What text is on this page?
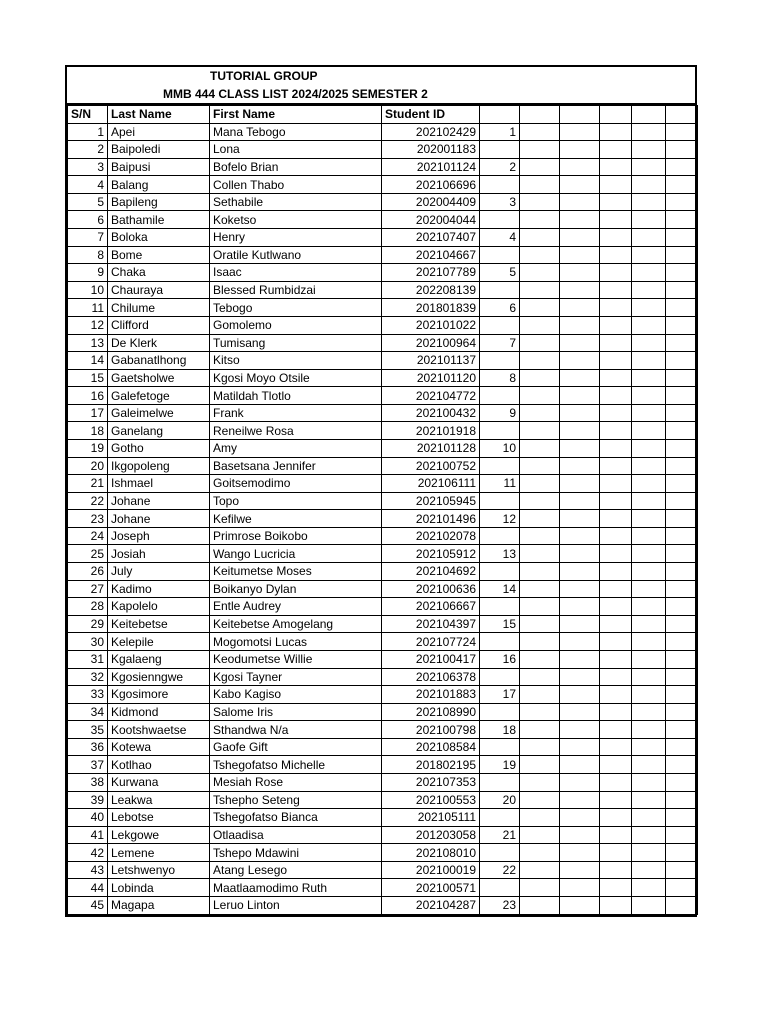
TUTORIAL GROUP
MMB 444 CLASS LIST 2024/2025 SEMESTER 2
S/N	Last Name	First Name	Student ID						
1	Apei	Mana Tebogo	202102429	1					
2	Baipoledi	Lona	202001183						
3	Baipusi	Bofelo Brian	202101124	2					
4	Balang	Collen Thabo	202106696						
5	Bapileng	Sethabile	202004409	3					
6	Bathamile	Koketso	202004044						
7	Boloka	Henry	202107407	4					
8	Bome	Oratile Kutlwano	202104667						
9	Chaka	Isaac	202107789	5					
10	Chauraya	Blessed Rumbidzai	202208139						
11	Chilume	Tebogo	201801839	6					
12	Clifford	Gomolemo	202101022						
13	De Klerk	Tumisang	202100964	7					
14	Gabanatlhong	Kitso	202101137						
15	Gaetsholwe	Kgosi Moyo Otsile	202101120	8					
16	Galefetoge	Matildah Tlotlo	202104772						
17	Galeimelwe	Frank	202100432	9					
18	Ganelang	Reneilwe Rosa	202101918						
19	Gotho	Amy	202101128	10					
20	Ikgopoleng	Basetsana Jennifer	202100752						
21	Ishmael	Goitsemodimo	202106111	11					
22	Johane	Topo	202105945						
23	Johane	Kefilwe	202101496	12					
24	Joseph	Primrose Boikobo	202102078						
25	Josiah	Wango Lucricia	202105912	13					
26	July	Keitumetse Moses	202104692						
27	Kadimo	Boikanyo Dylan	202100636	14					
28	Kapolelo	Entle Audrey	202106667						
29	Keitebetse	Keitebetse Amogelang	202104397	15					
30	Kelepile	Mogomotsi Lucas	202107724						
31	Kgalaeng	Keodumetse Willie	202100417	16					
32	Kgosienngwe	Kgosi Tayner	202106378						
33	Kgosimore	Kabo Kagiso	202101883	17					
34	Kidmond	Salome Iris	202108990						
35	Kootshwaetse	Sthandwa N/a	202100798	18					
36	Kotewa	Gaofe Gift	202108584						
37	Kotlhao	Tshegofatso Michelle	201802195	19					
38	Kurwana	Mesiah Rose	202107353						
39	Leakwa	Tshepho Seteng	202100553	20					
40	Lebotse	Tshegofatso Bianca	202105111						
41	Lekgowe	Otlaadisa	201203058	21					
42	Lemene	Tshepo Mdawini	202108010						
43	Letshwenyo	Atang Lesego	202100019	22					
44	Lobinda	Maatlaamodimo Ruth	202100571						
45	Magapa	Leruo Linton	202104287	23					
